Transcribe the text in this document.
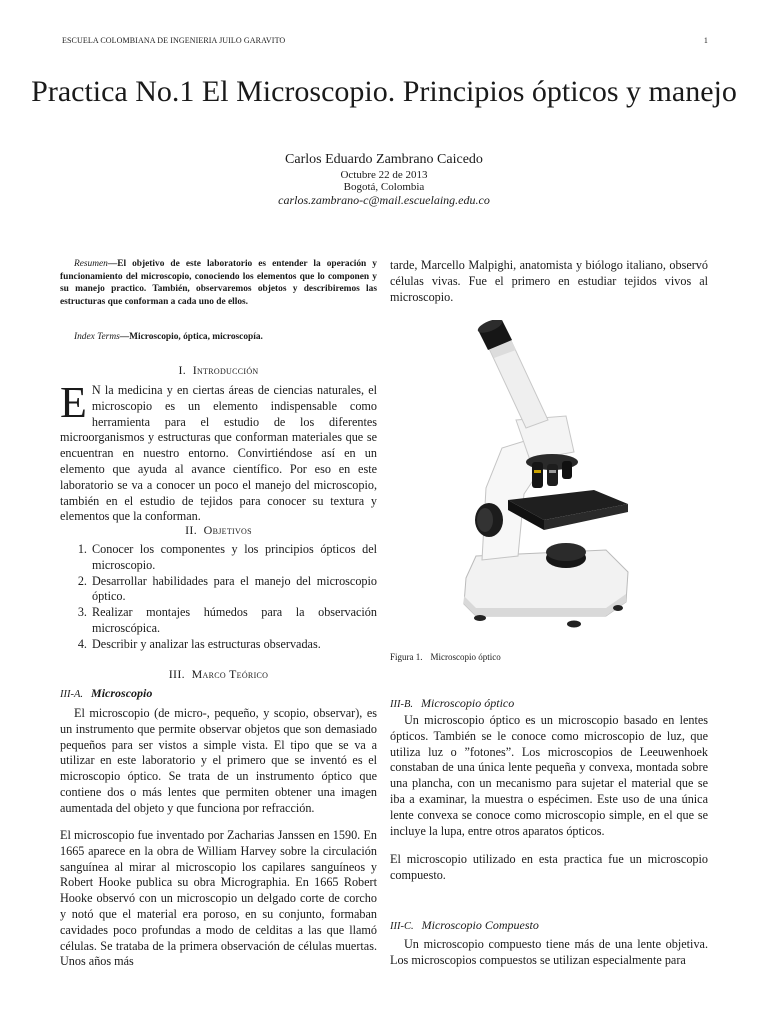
ESCUELA COLOMBIANA DE INGENIERIA JUILO GARAVITO	1
Practica No.1 El Microscopio. Principios ópticos y manejo
Carlos Eduardo Zambrano Caicedo
Octubre 22 de 2013
Bogotá, Colombia
carlos.zambrano-c@mail.escuelaing.edu.co
Resumen—El objetivo de este laboratorio es entender la operación y funcionamiento del microscopio, conociendo los elementos que lo componen y su manejo practico. También, observaremos objetos y describiremos las estructuras que conforman a cada uno de ellos.
Index Terms—Microscopio, óptica, microscopía.
I. Introducción
E N la medicina y en ciertas áreas de ciencias naturales, el microscopio es un elemento indispensable como herramienta para el estudio de los diferentes microorganismos y estructuras que conforman materiales que se encuentran en nuestro entorno. Convirtiéndose así en un elemento que ayuda al avance científico. Por eso en este laboratorio se va a conocer un poco el manejo del microscopio, también en el estudio de tejidos para conocer su textura y elementos que la conforman.
II. Objetivos
1. Conocer los componentes y los principios ópticos del microscopio.
2. Desarrollar habilidades para el manejo del microscopio óptico.
3. Realizar montajes húmedos para la observación microscópica.
4. Describir y analizar las estructuras observadas.
III. Marco Teórico
III-A. Microscopio
El microscopio (de micro-, pequeño, y scopio, observar), es un instrumento que permite observar objetos que son demasiado pequeños para ser vistos a simple vista. El tipo que se va a utilizar en este laboratorio y el primero que se inventó es el microscopio óptico. Se trata de un instrumento óptico que contiene dos o más lentes que permiten obtener una imagen aumentada del objeto y que funciona por refracción.
El microscopio fue inventado por Zacharias Janssen en 1590. En 1665 aparece en la obra de William Harvey sobre la circulación sanguínea al mirar al microscopio los capilares sanguíneos y Robert Hooke publica su obra Micrographia. En 1665 Robert Hooke observó con un microscopio un delgado corte de corcho y notó que el material era poroso, en su conjunto, formaban cavidades poco profundas a modo de celditas a las que llamó células. Se trataba de la primera observación de células muertas. Unos años más
tarde, Marcello Malpighi, anatomista y biólogo italiano, observó células vivas. Fue el primero en estudiar tejidos vivos al microscopio.
Figura 1. Microscopio óptico
III-B. Microscopio óptico
Un microscopio óptico es un microscopio basado en lentes ópticos. También se le conoce como microscopio de luz, que utiliza luz o ”fotones”. Los microscopios de Leeuwenhoek constaban de una única lente pequeña y convexa, montada sobre una plancha, con un mecanismo para sujetar el material que se iba a examinar, la muestra o espécimen. Este uso de una única lente convexa se conoce como microscopio simple, en el que se incluye la lupa, entre otros aparatos ópticos.
El microscopio utilizado en esta practica fue un microscopio compuesto.
III-C. Microscopio Compuesto
Un microscopio compuesto tiene más de una lente objetiva. Los microscopios compuestos se utilizan especialmente para
